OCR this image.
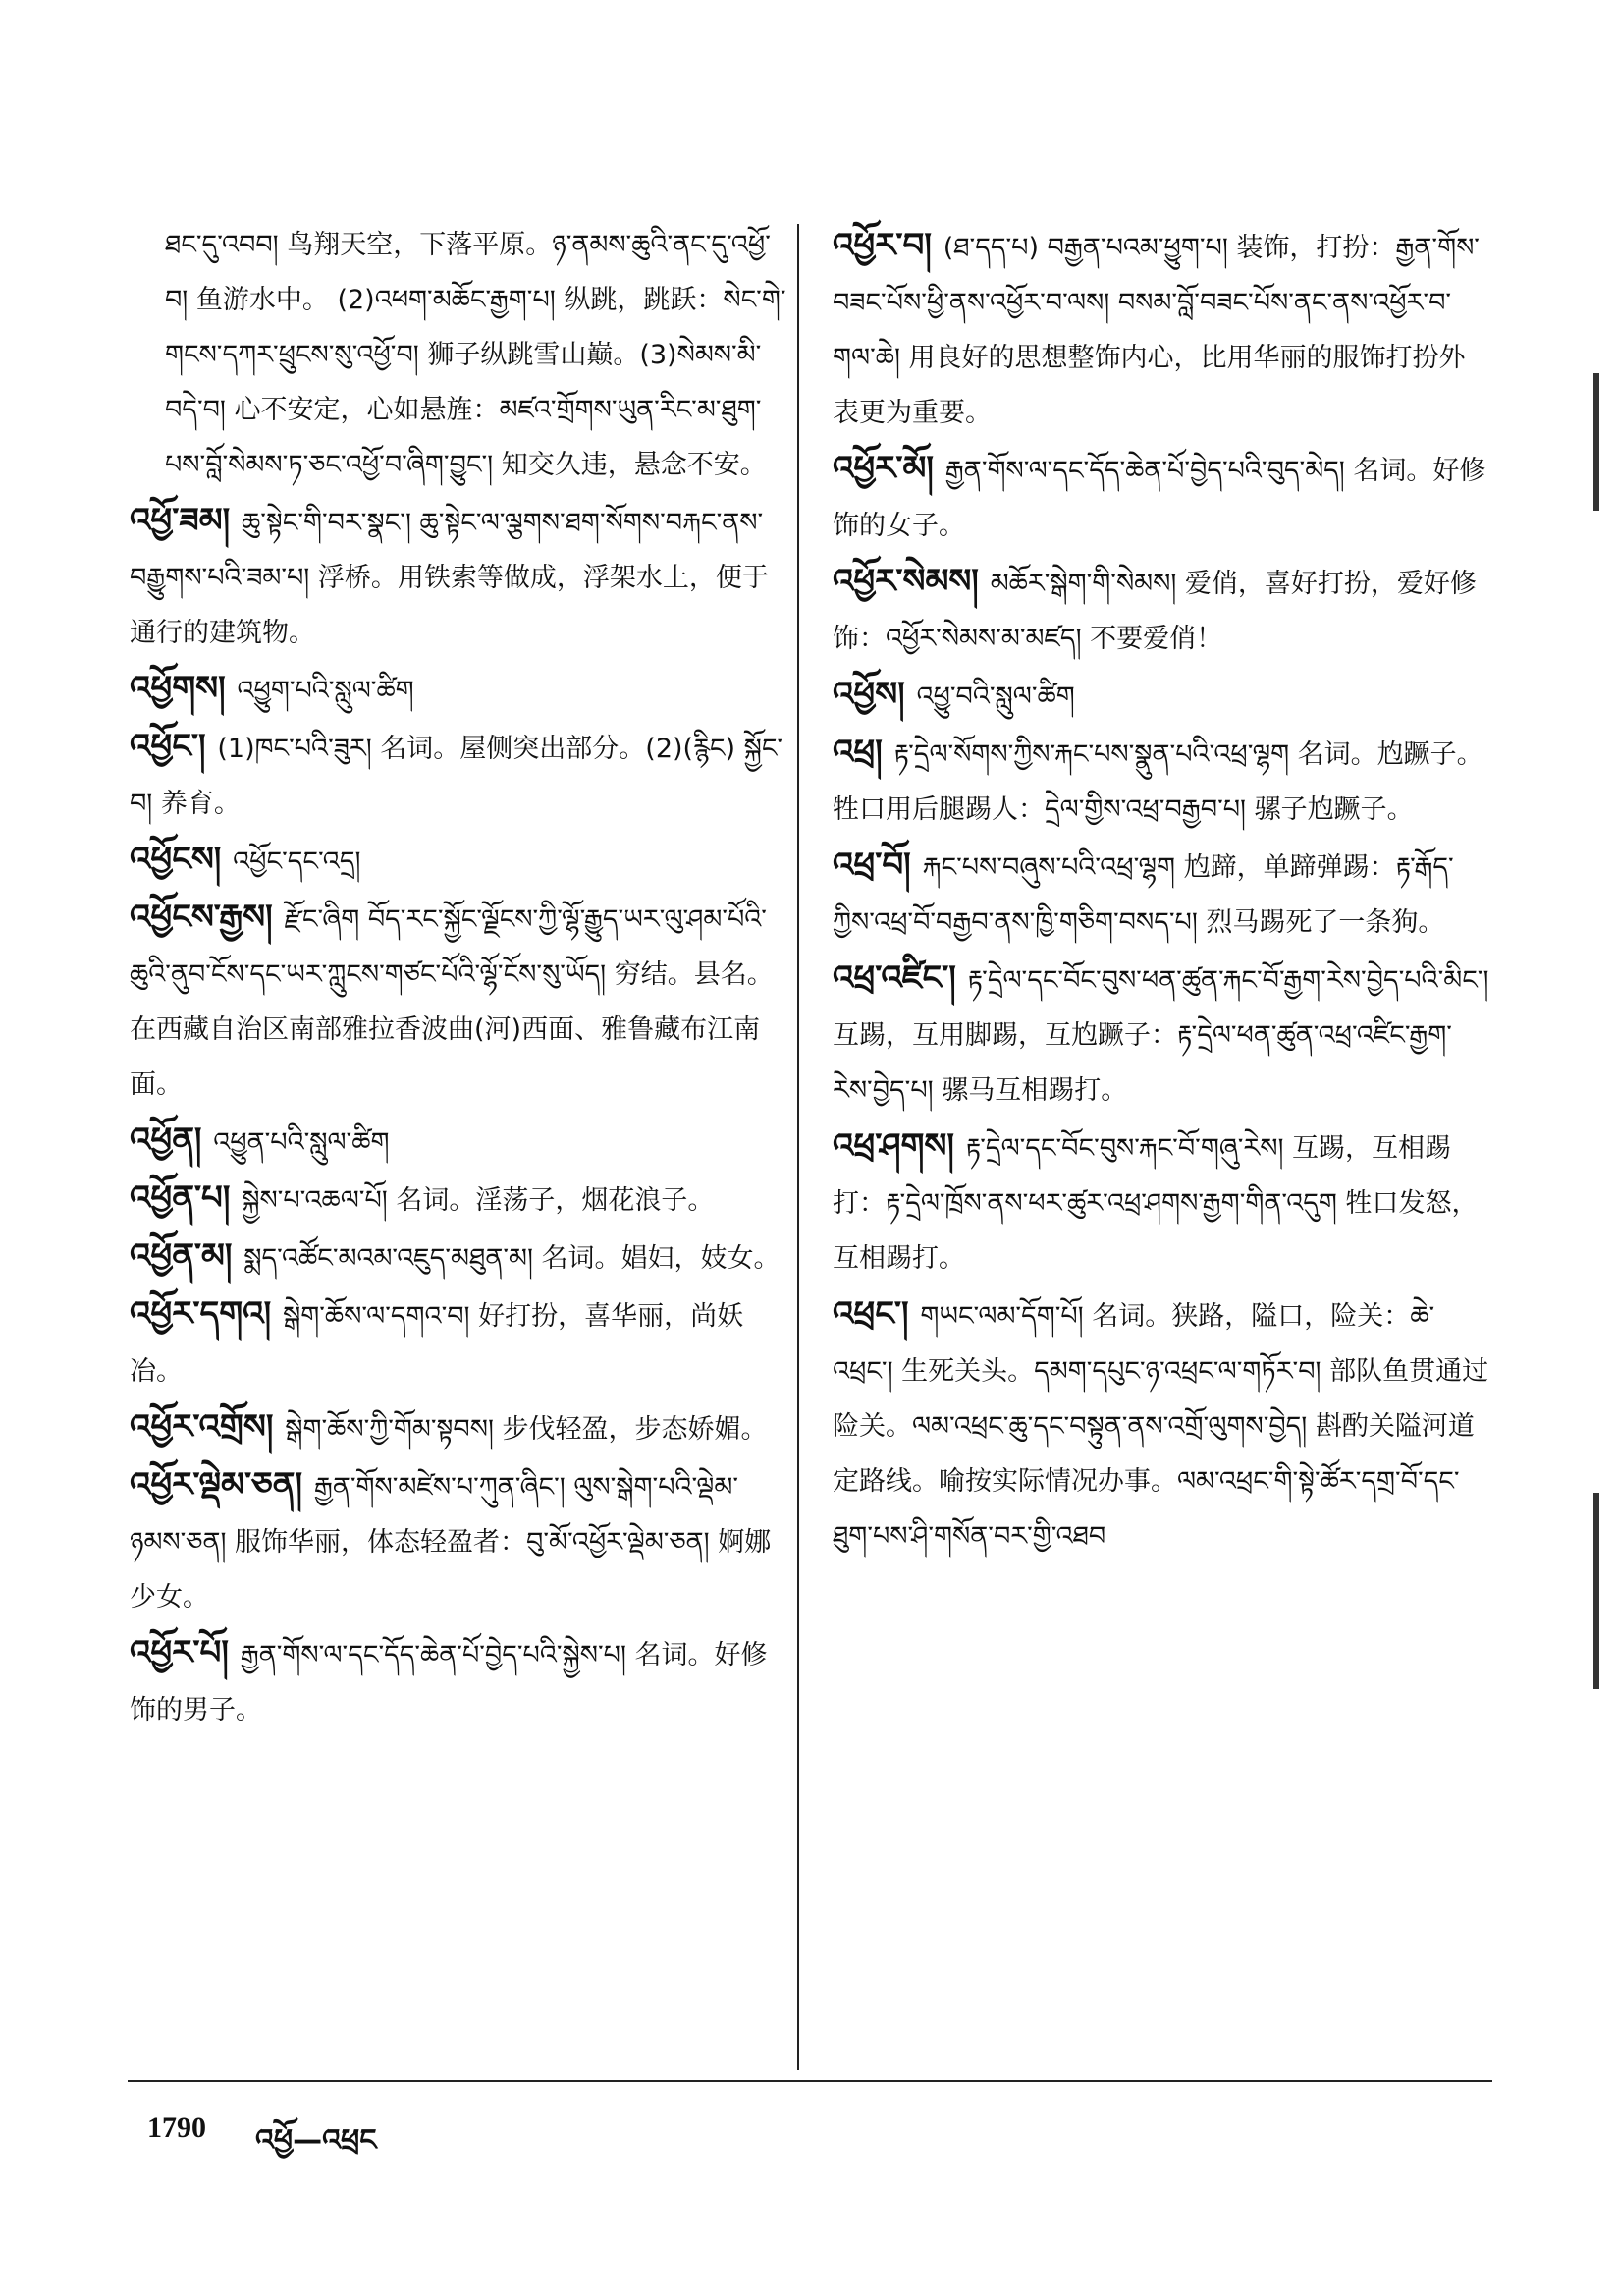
ཐང་དུ་འབབ། 鸟翔天空，下落平原。ཉ་ནམས་ཆུའི་ནང་དུ་འཕྱོ་བ། 鱼游水中。 (2)འཕག་མཆོང་རྒྱག་པ། 纵跳，跳跃：སེང་གེ་གངས་དཀར་ཕྲུངས་སུ་འཕྱོ་བ། 狮子纵跳雪山巅。(3)སེམས་མི་བདེ་བ། 心不安定，心如悬旌：མཛའ་གྲོགས་ཡུན་རིང་མ་ཐུག་པས་བློ་སེམས་ཏ་ཅང་འཕྱོ་བ་ཞིག་བྱུང་། 知交久违，悬念不安。

འཕྱོ་ཟམ། ཆུ་སྟེང་གི་བར་སྣང་། ཆུ་སྟེང་ལ་ལྕགས་ཐག་སོགས་བརྐང་ནས་བརྒྱུགས་པའི་ཟམ་པ། 浮桥。用铁索等做成，浮架水上，便于通行的建筑物。

འཕྱོགས། འཕྱུག་པའི་སླུལ་ཚིག

འཕྱོང་། (1)ཁང་པའི་ཟུར། 名词。屋侧突出部分。(2)(རྙིང) སྐྱོང་བ། 养育。

འཕྱོངས། འཕྱོང་དང་འདྲ།

འཕྱོངས་རྒྱས། རྫོང་ཞིག བོད་རང་སྐྱོང་ལྗོངས་ཀྱི་ལྷོ་རྒྱུད་ཡར་ལུ་ཤམ་པོའི་ཆུའི་ནུབ་ངོས་དང་ཡར་ཀླུངས་གཙང་པོའི་ལྷོ་ངོས་སུ་ཡོད། 穷结。县名。在西藏自治区南部雅拉香波曲(河)西面、雅鲁藏布江南面。

འཕྱོན། འཕྱུན་པའི་སླུལ་ཚིག

འཕྱོན་པ། སྐྱེས་པ་འཆལ་པོ། 名词。淫荡子，烟花浪子。

འཕྱོན་མ། སྨད་འཚོང་མའམ་འཇུད་མཐུན་མ། 名词。娼妇，妓女。

འཕྱོར་དགའ། སྒེག་ཆོས་ལ་དགའ་བ། 好打扮，喜华丽，尚妖冶。

འཕྱོར་འགྲོས། སྒེག་ཆོས་ཀྱི་གོམ་སྟབས། 步伐轻盈，步态娇媚。

འཕྱོར་ལྡེམ་ཅན། རྒྱན་གོས་མཛེས་པ་ཀུན་ཞིང་། ལུས་སྒེག་པའི་ལྡེམ་ཉམས་ཅན། 服饰华丽，体态轻盈者：བུ་མོ་འཕྱོར་ལྡེམ་ཅན། 婀娜少女。

འཕྱོར་པོ། རྒྱན་གོས་ལ་དང་དོད་ཆེན་པོ་བྱེད་པའི་སྐྱེས་པ། 名词。好修饰的男子。

འཕྱོར་བ། (ཐ་དད་པ) བརྒྱན་པའམ་ཕྱུག་པ། 装饰，打扮：རྒྱན་གོས་བཟང་པོས་ཕྱི་ནས་འཕྱོར་བ་ལས། བསམ་བློ་བཟང་པོས་ནང་ནས་འཕྱོར་བ་གལ་ཆེ། 用良好的思想整饰内心，比用华丽的服饰打扮外表更为重要。

འཕྱོར་མོ། རྒྱན་གོས་ལ་དང་དོད་ཆེན་པོ་བྱེད་པའི་བུད་མེད། 名词。好修饰的女子。

འཕྱོར་སེམས། མཆོར་སྒེག་གི་སེམས། 爱俏，喜好打扮，爱好修饰：འཕྱོར་སེམས་མ་མཛད། 不要爱俏！

འཕྱོས། འཕྱུ་བའི་སླུལ་ཚིག

འཕྲ། རྟ་དྲེལ་སོགས་ཀྱིས་རྐང་པས་སྣུན་པའི་འཕྲ་ལྷག 名词。尥蹶子。牲口用后腿踢人：དྲེལ་གྱིས་འཕྲ་བརྒྱབ་པ། 骡子尥蹶子。

འཕྲ་བོ། རྐང་པས་བཞུས་པའི་འཕྲ་ལྷག 尥蹄，单蹄弹踢：རྟ་རྒོད་ཀྱིས་འཕྲ་བོ་བརྒྱབ་ནས་ཁྱི་གཅིག་བསད་པ། 烈马踢死了一条狗。

འཕྲ་འཛིང་། རྟ་དྲེལ་དང་བོང་བུས་ཕན་ཚུན་རྐང་བོ་རྒྱག་རེས་བྱེད་པའི་མིང་། 互踢，互用脚踢，互尥蹶子：རྟ་དྲེལ་ཕན་ཚུན་འཕྲ་འཛིང་རྒྱག་རེས་བྱེད་པ། 骡马互相踢打。

འཕྲ་ཤགས། རྟ་དྲེལ་དང་བོང་བུས་རྐང་བོ་གཞུ་རེས། 互踢，互相踢打：རྟ་དྲེལ་ཁྲོས་ནས་ཕར་ཚུར་འཕྲ་ཤགས་རྒྱག་གིན་འདུག 牲口发怒，互相踢打。

འཕྲང་། གཡང་ལམ་དོག་པོ། 名词。狭路，隘口，险关：ཆེ་འཕྲང་། 生死关头。དམག་དཔུང་ཉ་འཕྲང་ལ་གཏོར་བ། 部队鱼贯通过险关。ལམ་འཕྲང་ཆུ་དང་བསྟུན་ནས་འགྲོ་ལུགས་བྱེད། 斟酌关隘河道定路线。喻按实际情况办事。ལམ་འཕྲང་གི་སྟེ་ཚོར་དགྲ་བོ་དང་ཐུག་པས་ཤི་གསོན་བར་གྱི་འཐབ

1790 འཕྱོ—འཕྲང
